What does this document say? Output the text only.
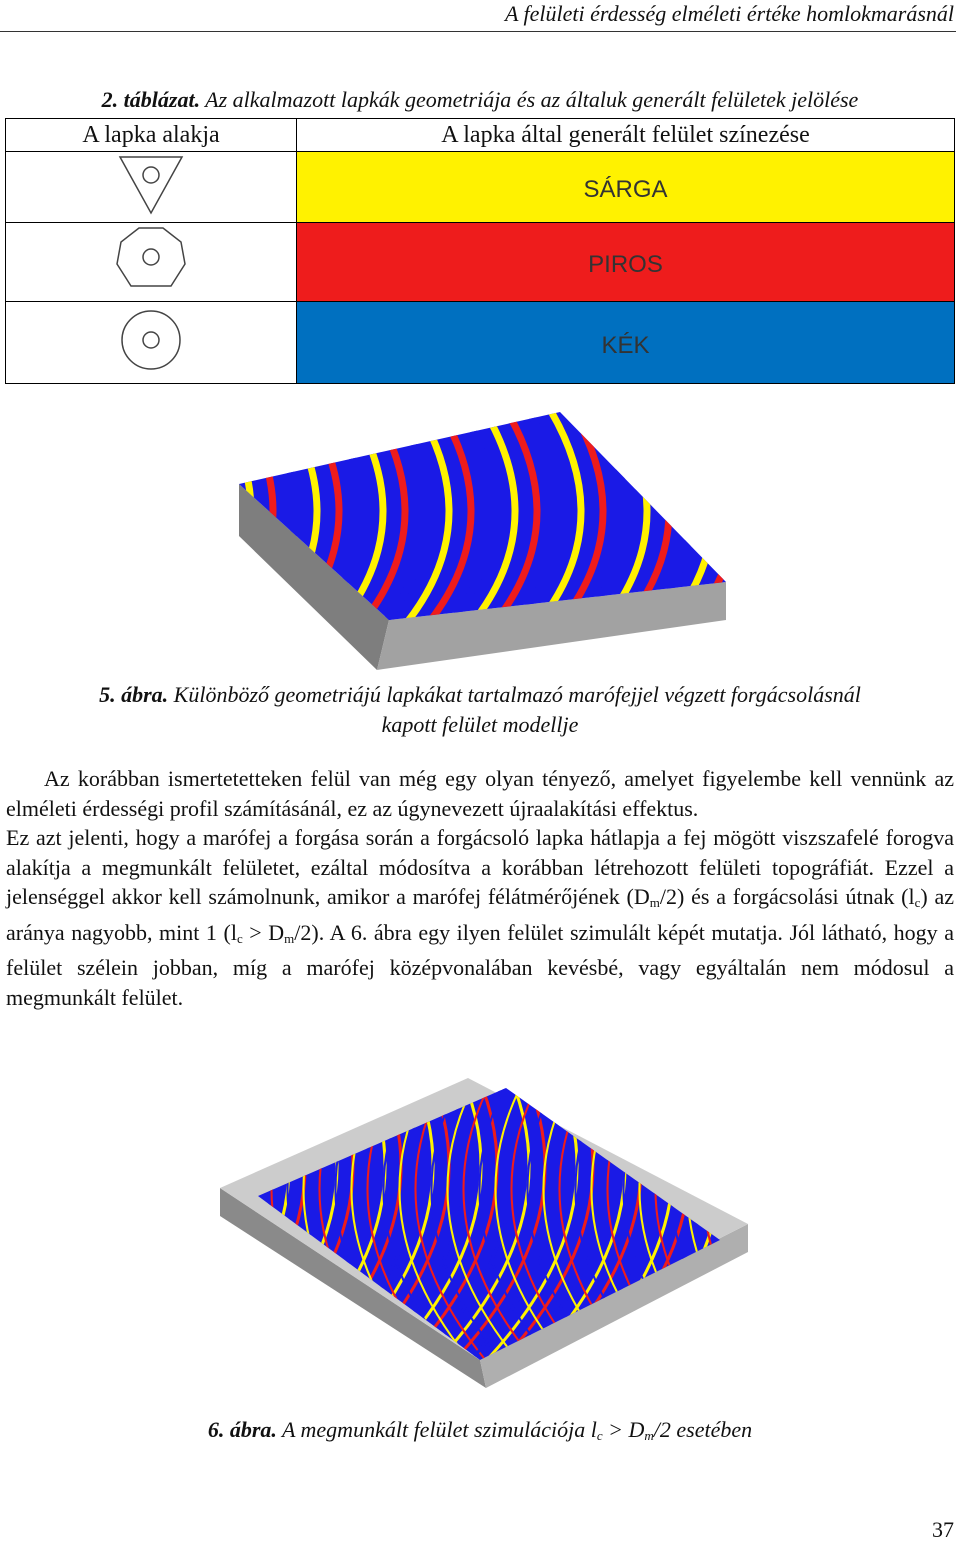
A felületi érdesség elméleti értéke homlokmarásnál
2. táblázat. Az alkalmazott lapkák geometriája és az általuk generált felületek jelölése
A lapka alakja	A lapka által generált felület színezése
	SÁRGA
	PIROS
	KÉK
5. ábra. Különböző geometriájú lapkákat tartalmazó marófejjel végzett forgácsolásnál
kapott felület modellje

Az korábban ismertetetteken felül van még egy olyan tényező, amelyet figyelembe kell vennünk az elméleti érdességi profil számításánál, ez az úgynevezett újraalakítási effektus.

Ez azt jelenti, hogy a marófej a forgása során a forgácsoló lapka hátlapja a fej mögött viszszafelé forogva alakítja a megmunkált felületet, ezáltal módosítva a korábban létrehozott felületi topográfiát. Ezzel a jelenséggel akkor kell számolnunk, amikor a marófej félátmérőjének $(D_m/2)$ és a forgácsolási útnak $(l_c)$ az aránya nagyobb, mint 1 $(l_c > D_m/2)$. A 6. ábra egy ilyen felület szimulált képét mutatja. Jól látható, hogy a felület szélein jobban, míg a marófej középvonalában kevésbé, vagy egyáltalán nem módosul a megmunkált felület.

6. ábra. A megmunkált felület szimulációja $l_c > D_m/2$ esetében
37
